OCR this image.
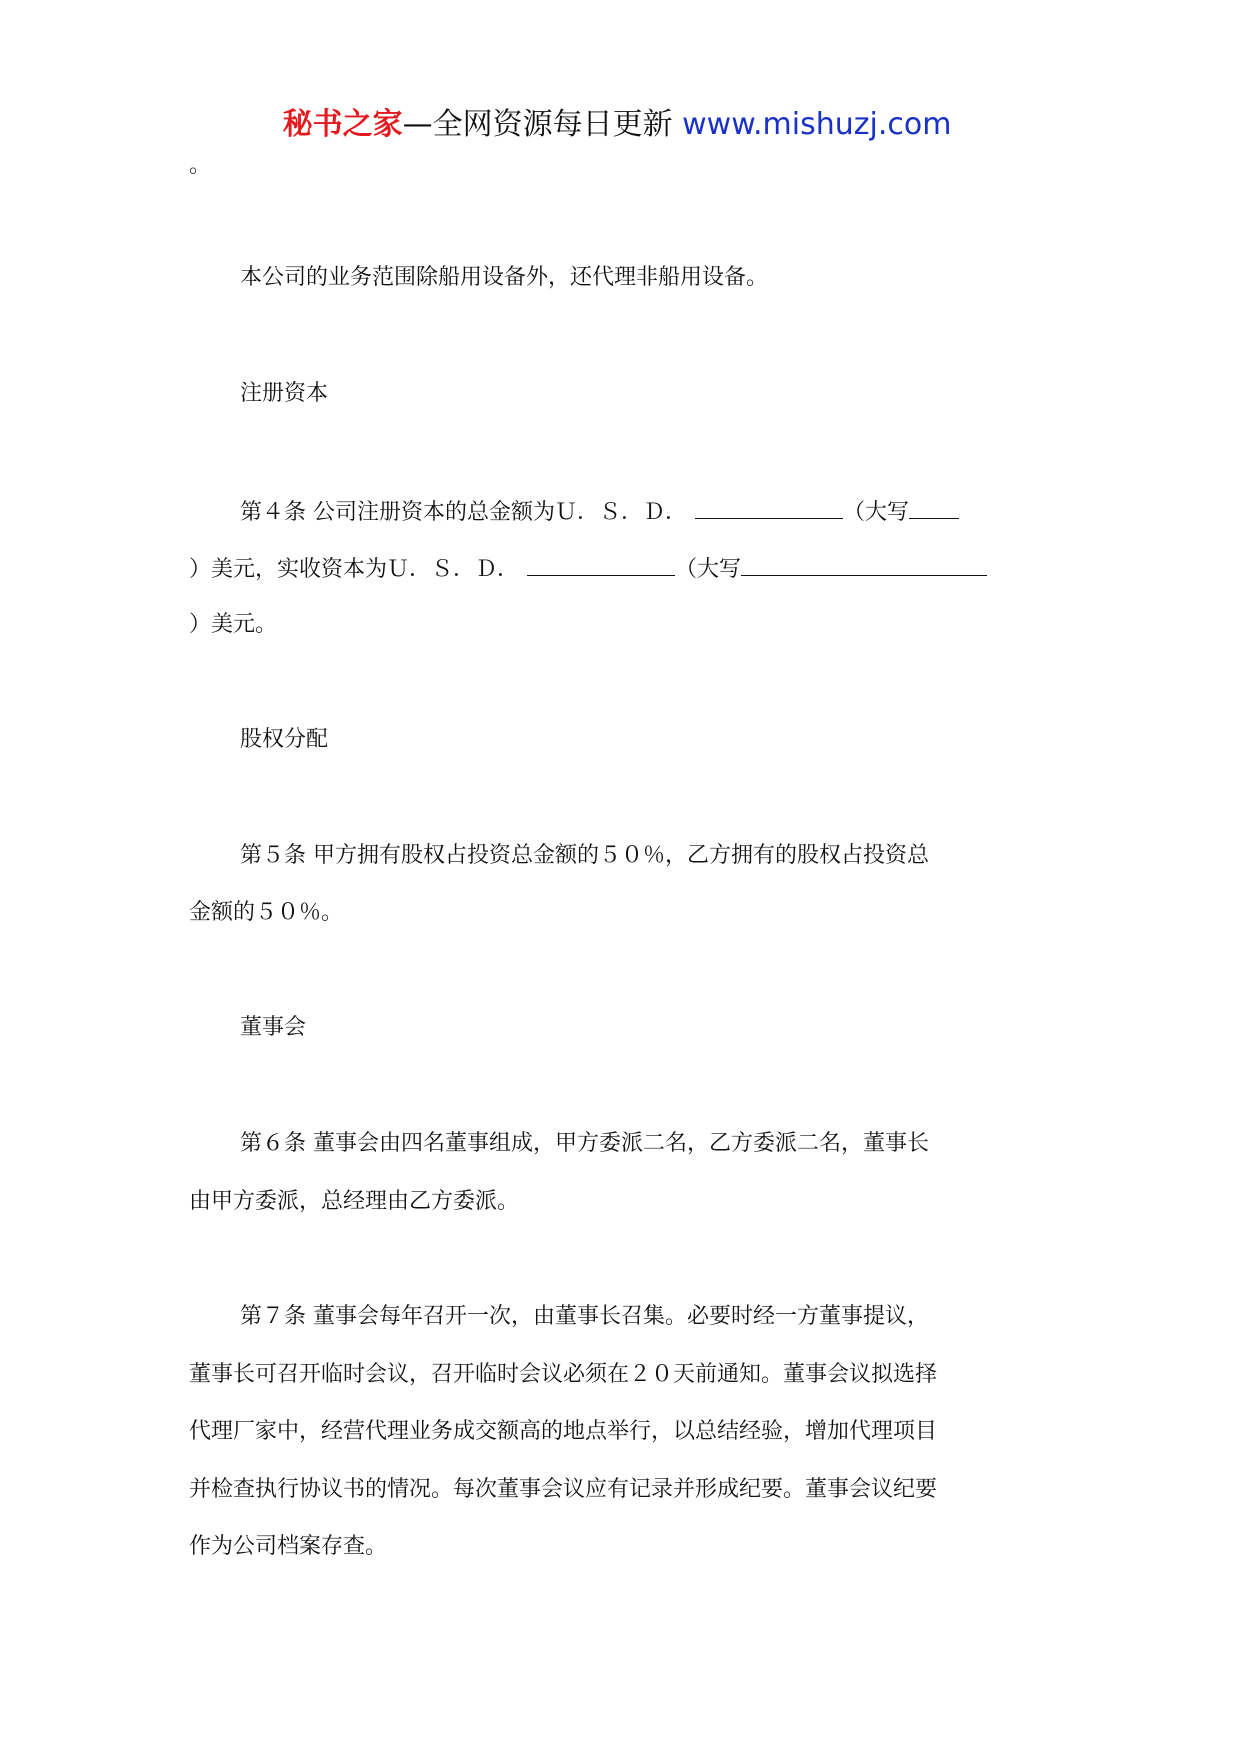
秘书之家—全网资源每日更新 www.mishuzj.com
。
本公司的业务范围除船用设备外，还代理非船用设备。
注册资本
第４条 公司注册资本的总金额为Ｕ．Ｓ．Ｄ．	（大写
）美元，实收资本为Ｕ．Ｓ．Ｄ．	（大写
）美元。
股权分配
第５条 甲方拥有股权占投资总金额的５０％，乙方拥有的股权占投资总
金额的５０％。
董事会
第６条 董事会由四名董事组成，甲方委派二名，乙方委派二名，董事长
由甲方委派，总经理由乙方委派。
第７条 董事会每年召开一次，由董事长召集。必要时经一方董事提议，
董事长可召开临时会议，召开临时会议必须在２０天前通知。董事会议拟选择
代理厂家中，经营代理业务成交额高的地点举行，以总结经验，增加代理项目
并检查执行协议书的情况。每次董事会议应有记录并形成纪要。董事会议纪要
作为公司档案存查。
